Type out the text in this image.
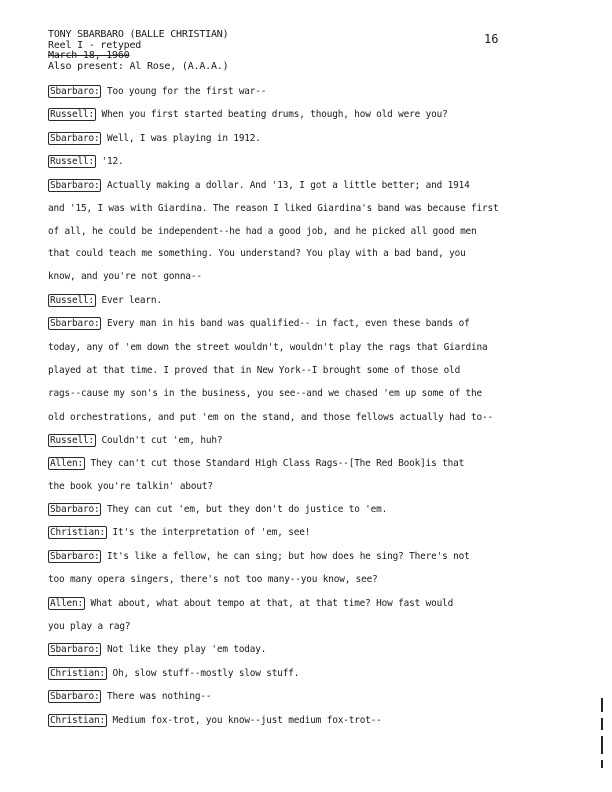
TONY SBARBARO (BALLE CHRISTIAN)
Reel I - retyped
March 18, 1960
Also present: Al Rose, (A.A.A.)
16
Sbarbaro: Too young for the first war--
Russell: When you first started beating drums, though, how old were you?
Sbarbaro: Well, I was playing in 1912.
Russell: '12.
Sbarbaro: Actually making a dollar. And '13, I got a little better; and 1914
and '15, I was with Giardina. The reason I liked Giardina's band was because first
of all, he could be independent--he had a good job, and he picked all good men
that could teach me something. You understand? You play with a bad band, you
know, and you're not gonna--
Russell: Ever learn.
Sbarbaro: Every man in his band was qualified-- in fact, even these bands of
today, any of 'em down the street wouldn't, wouldn't play the rags that Giardina
played at that time. I proved that in New York--I brought some of those old
rags--cause my son's in the business, you see--and we chased 'em up some of the
old orchestrations, and put 'em on the stand, and those fellows actually had to--
Russell: Couldn't cut 'em, huh?
Allen: They can't cut those Standard High Class Rags--[The Red Book]is that
the book you're talkin' about?
Sbarbaro: They can cut 'em, but they don't do justice to 'em.
Christian: It's the interpretation of 'em, see!
Sbarbaro: It's like a fellow, he can sing; but how does he sing? There's not
too many opera singers, there's not too many--you know, see?
Allen: What about, what about tempo at that, at that time? How fast would
you play a rag?
Sbarbaro: Not like they play 'em today.
Christian: Oh, slow stuff--mostly slow stuff.
Sbarbaro: There was nothing--
Christian: Medium fox-trot, you know--just medium fox-trot--
